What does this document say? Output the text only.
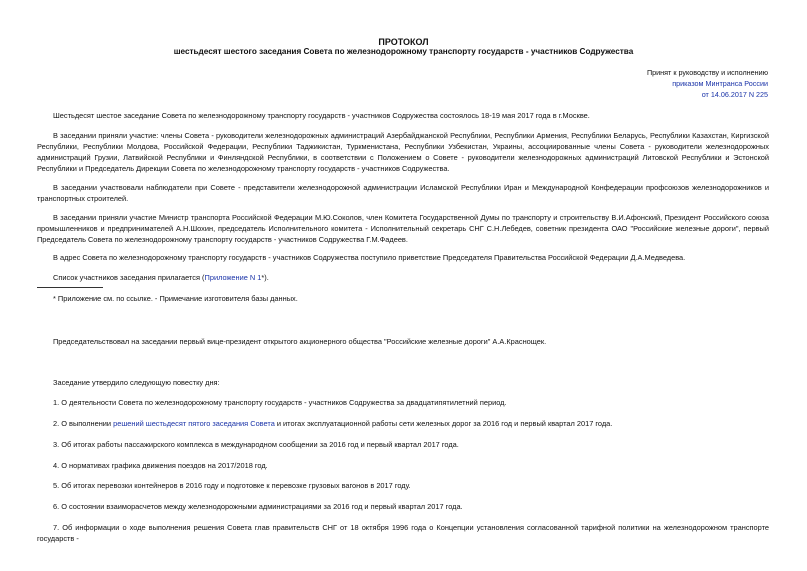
ПРОТОКОЛ
шестьдесят шестого заседания Совета по железнодорожному транспорту государств - участников Содружества
Принят к руководству и исполнению
приказом Минтранса России
от 14.06.2017 N 225
Шестьдесят шестое заседание Совета по железнодорожному транспорту государств - участников Содружества состоялось 18-19 мая 2017 года в г.Москве.
В заседании приняли участие: члены Совета - руководители железнодорожных администраций Азербайджанской Республики, Республики Армения, Республики Беларусь, Республики Казахстан, Киргизской Республики, Республики Молдова, Российской Федерации, Республики Таджикистан, Туркменистана, Республики Узбекистан, Украины, ассоциированные члены Совета - руководители железнодорожных администраций Грузии, Латвийской Республики и Финляндской Республики, в соответствии с Положением о Совете - руководители железнодорожных администраций Литовской Республики и Эстонской Республики и Председатель Дирекции Совета по железнодорожному транспорту государств - участников Содружества.
В заседании участвовали наблюдатели при Совете - представители железнодорожной администрации Исламской Республики Иран и Международной Конфедерации профсоюзов железнодорожников и транспортных строителей.
В заседании приняли участие Министр транспорта Российской Федерации М.Ю.Соколов, член Комитета Государственной Думы по транспорту и строительству В.И.Афонский, Президент Российского союза промышленников и предпринимателей А.Н.Шохин, председатель Исполнительного комитета - Исполнительный секретарь СНГ С.Н.Лебедев, советник президента ОАО "Российские железные дороги", первый Председатель Совета по железнодорожному транспорту государств - участников Содружества Г.М.Фадеев.
В адрес Совета по железнодорожному транспорту государств - участников Содружества поступило приветствие Председателя Правительства Российской Федерации Д.А.Медведева.
Список участников заседания прилагается (Приложение N 1*).
* Приложение см. по ссылке. - Примечание изготовителя базы данных.
Председательствовал на заседании первый вице-президент открытого акционерного общества "Российские железные дороги" А.А.Краснощек.
Заседание утвердило следующую повестку дня:
1. О деятельности Совета по железнодорожному транспорту государств - участников Содружества за двадцатипятилетний период.
2. О выполнении решений шестьдесят пятого заседания Совета и итогах эксплуатационной работы сети железных дорог за 2016 год и первый квартал 2017 года.
3. Об итогах работы пассажирского комплекса в международном сообщении за 2016 год и первый квартал 2017 года.
4. О нормативах графика движения поездов на 2017/2018 год.
5. Об итогах перевозки контейнеров в 2016 году и подготовке к перевозке грузовых вагонов в 2017 году.
6. О состоянии взаиморасчетов между железнодорожными администрациями за 2016 год и первый квартал 2017 года.
7. Об информации о ходе выполнения решения Совета глав правительств СНГ от 18 октября 1996 года о Концепции установления согласованной тарифной политики на железнодорожном транспорте государств -
